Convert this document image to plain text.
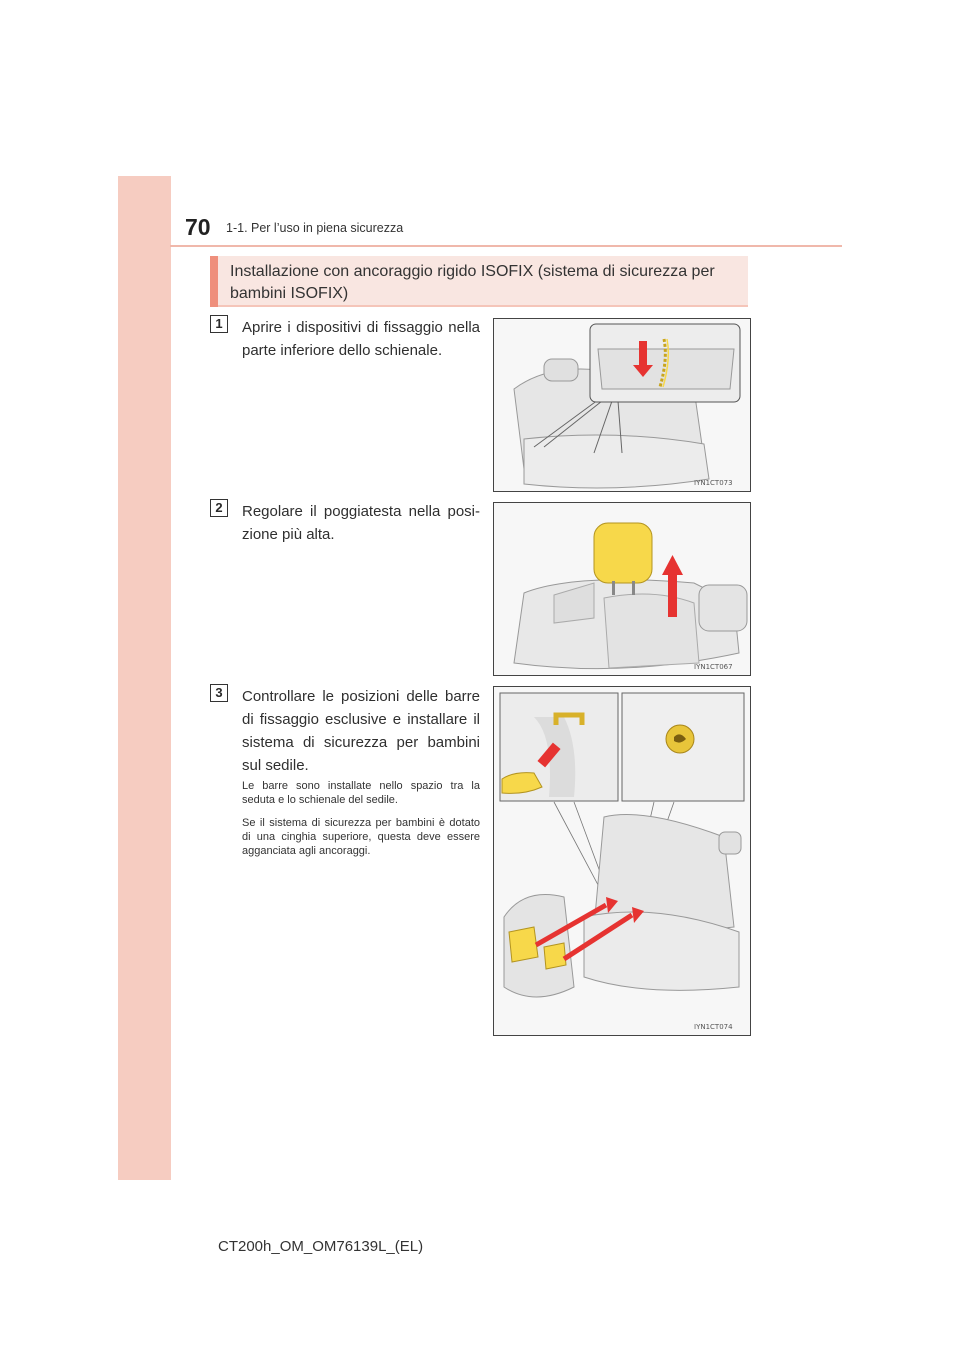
70 1-1. Per l’uso in piena sicurezza
Installazione con ancoraggio rigido ISOFIX (sistema di sicurezza per bambini ISOFIX)
1	Aprire i dispositivi di fissaggio nella parte inferiore dello schienale.
IYN1CT073
2	Regolare il poggiatesta nella posi-zione più alta.
IYN1CT067
3	Controllare le posizioni delle barre di fissaggio esclusive e installare il sistema di sicurezza per bambini sul sedile.
Le barre sono installate nello spazio tra la seduta e lo schienale del sedile.
Se il sistema di sicurezza per bambini è dotato di una cinghia superiore, questa deve essere agganciata agli ancoraggi.
IYN1CT074
CT200h_OM_OM76139L_(EL)
